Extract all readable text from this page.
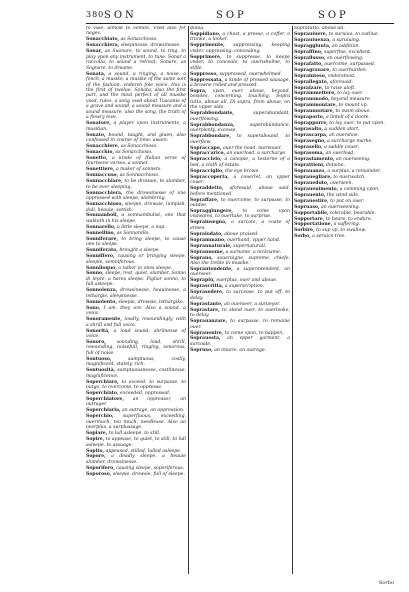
380 SON	SOP	SOP
fo vsse, almost to vomite. Vsed also for nages.
Sonacchiato, as Sonacchioso.
Sonacchiera, sleepinesse, drowsinesse.
Sonar, as Suonare, to sound, to ring, to play vpon any instrument, to tune. Sonar a raccolta, to sound a retreat. Sonare, as Sognare, to dreame.
Sonata, a sound, a ringing, a noise, a fonch, a musike, a musike of the same sort of the fashion, vndersh fole voice, this is the first of twelue. Sonata, also the first part, and the most perfect of all musike vsed, rules, a song vsed about Tuscanie of a grave and sound, a sound measure and a sound measure, also the song, the truth of a flowry love.
Sonatore, a player vpon instruments, a musitian.
Sonato, bound, taught, and giuen, also confessed in course of time, aware.
Sonacchiere, as Sonacchioso.
Sonacchio, as Sonacchioso.
Sonetto, a kinde of Italian verse of fourteene verses, a sonnet.
Sonettiere, a maker of sonnets.
Sonnaccuso, as Sonnacchioso.
Sonnacchiare, to be drowsie, to slumber, to be ever sleeping.
Sonnacchiera, the drowsinesse of one oppressed with sleepe, slumbring.
Sonnacchioso, sleepie, drowsie, lumpish, dull, heauie, sottish.
Sonnamboli, a somnambulist, one that walketh in his sleepe.
Sonnarello, a little sleepe, a nap.
Sonnellino, as Sonnarello.
Sonniferare, to bring sleepe, to cause one to sleepe.
Sonniferato, brought a sleepe.
Sonniffero, causing or bringing sleepe, sleepie, somniferous.
Sonniloquo, a talker in ones sleepe.
Sonno, sleepe, rest, quiet, slumber. Sonno di lepre, a hares sleepe. Pigliar sonno, to fall asleepe.
Sonnolenza, drowsinesse, heauinesse, a lethargie, sleepinesse.
Sonnolento, sleepie, drowsie, lethargike.
Sono, I am, they are. Also a sound, a voice.
Sonoramente, loudly, resoundingly, with a shrill and full voice.
Sonorità, a loud sound, shrilnesse of voice.
Sonoro, sounding, loud, shrill, resounding, noisefull, ringing, sonorous, full of noise.
Sontuoso, sumptuous, costly, magnificent, stately, rich.
Sontuosità, sumptuousnesse, costlinesse, magnificence.
Soperchiare, to exceed, to surpasse, to outgo, to overcome, to oppresse.
Soperchiato, exceeded, oppressed.
Soperchiatore, an oppressor, an outrager.
Soperchiaria, an outrage, an oppression.
Soperchio, superfluous, exceeding, ouermuch, too much, needlesse. Also an overplus, a surplussage.
Sopiare, to lull asleepe, to still.
Sopire, to appease, to quiet, to still, to lull asleepe, to assuage.
Sopito, appeased, stilled, lulled asleepe.
Sopore, a deadly sleepe, a heauie slumber, drowsinesse.
Soporifero, causing sleepe, soporiferous.
Soporoso, sleepie, drowsie, full of sleepe.
dunia.
Soppidiano, a chest, a presse, a coffer, a trunke, a locker.
Sopprimente, suppressing, keeping vnder, oppressing, concealing.
Sopprimere, to suppresse, to keepe vnder, to conceale, to ouerwhelme, to stifle.
Soppresso, suppressed, ouerwhelmed.
Soppressata, a kinde of pressed sausage, a brawne rolled and pressed.
Sopra, vpon, ouer, aboue, beyond, besides, concerning, touching. Sopra tutto, aboue all. Di sopra, from aboue, on the vpper side.
Soprabbondante, superabundant, ouerflowing.
Soprabbondanza, superabundance, ouerplenty, excesse.
Soprabbondare, to superabound, to ouerflow.
Sopraccapo, ouer the head, moreouer.
Sopraccarico, an ouerload, a surcharge.
Sopraccielo, a canopie, a testerne of a bed, a cloth of estate.
Sopracciglio, the eye-browe.
Sopraccoperta, a couerlet, an vpper couer.
Sopraddetto, aforesaid, aboue said, before mentioned.
Sopraffare, to ouercome, to surpasse, to outdoe.
Sopraggiungere, to come vpon vnawares, to ouertake, to surprise.
Soprainsegna, a surcote, a coate of armes.
Sopralodato, aboue praised.
Soprammano, ouerhand, vpper hand.
Soprannaturale, supernaturall.
Soprannome, a surname, a nickname.
Soprano, soueraigne, supreme, chiefe. Also the treble in musike.
Soprantendente, a superintendent, an ouerseer.
Soprapiù, ouerplus, ouer and aboue.
Soprascritta, a superscription.
Soprasedere, to surcease, to put off, to delay.
Soprastante, an ouerseer, a surueyor.
Soprastare, to stand ouer, to ouerlooke, to delay.
Soprauanzare, to surpasse, to remaine ouer.
Soprauenire, to come vpon, to happen.
Soprauesta, an vpper garment, a surcoate.
Sopruso, an iniurie, an outrage.
Sopratutto, aboue all.
Soprauiuere, to suruiue, to outliue.
Soprauiuenza, a suruiuing.
Sopraggiunta, an addition.
Sopraffino, superfine, excellent.
Sopraflusso, an ouerflowing.
Soprafatto, ouercome, surpassed.
Sopragrauare, to ouerburden.
Soprainteso, vnderstood.
Soprallegato, aforesaid.
Sopralzare, to raise aloft.
Soprammettere, to lay ouer.
Soprammodo, beyond measure.
Soprammontare, to mount vp.
Soprannuotare, to swim aboue.
Sopraporto, a lintell of a doore.
Soprapporre, to lay ouer, to put vpon.
Soprasalto, a sudden start.
Soprascarpa, an ouershoe.
Soprasegno, a surcharge marke.
Soprasello, a saddle couer.
Soprasoma, an ouerload.
Soprastamento, an ouerseeing.
Soprattieni, detaine.
Soprauanzo, a surplus, a remainder.
Soprauegliare, to ouerwatch.
Sopraueduto, ouerseen.
Soprauenimento, a comming vpon.
Soprauento, the wind side.
Soprauestire, to put on ouer.
Sopruaso, an ouerweening.
Sopportabile, tolerable, bearable.
Sopportare, to beare, to endure.
Sopportatione, a suffering.
Sorbire, to sup vp, to swallow.
Sorbo, a seruice tree.
Sorbo
